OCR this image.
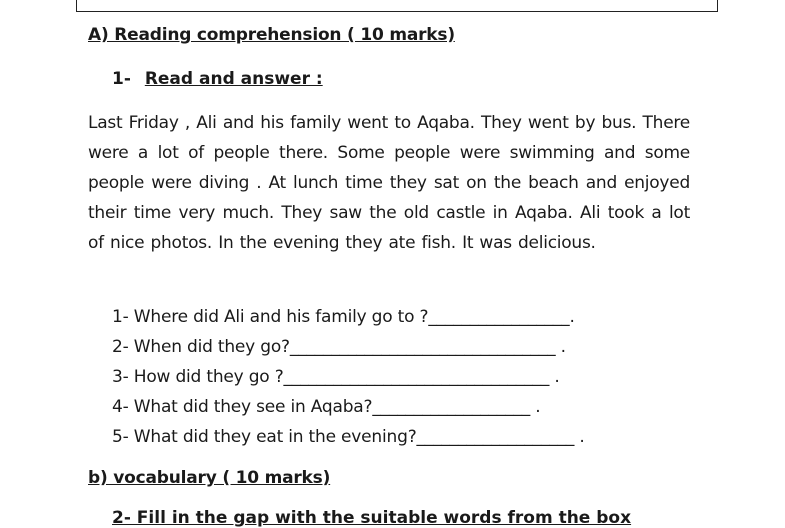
A) Reading comprehension ( 10 marks)
1- Read and answer :
Last Friday , Ali and his family went to Aqaba. They went by bus. There were a lot of people there. Some people were swimming and some people were diving . At lunch time they sat on the beach and enjoyed their time very much. They saw the old castle in Aqaba. Ali took a lot of nice photos. In the evening they ate fish. It was delicious.
1- Where did Ali and his family go to ?_________________.
2- When did they go?________________________________ .
3- How did they go ?________________________________ .
4- What did they see in Aqaba?___________________ .
5- What did they eat in the evening?___________________ .
b) vocabulary ( 10 marks)
2- Fill in the gap with the suitable words from the box
